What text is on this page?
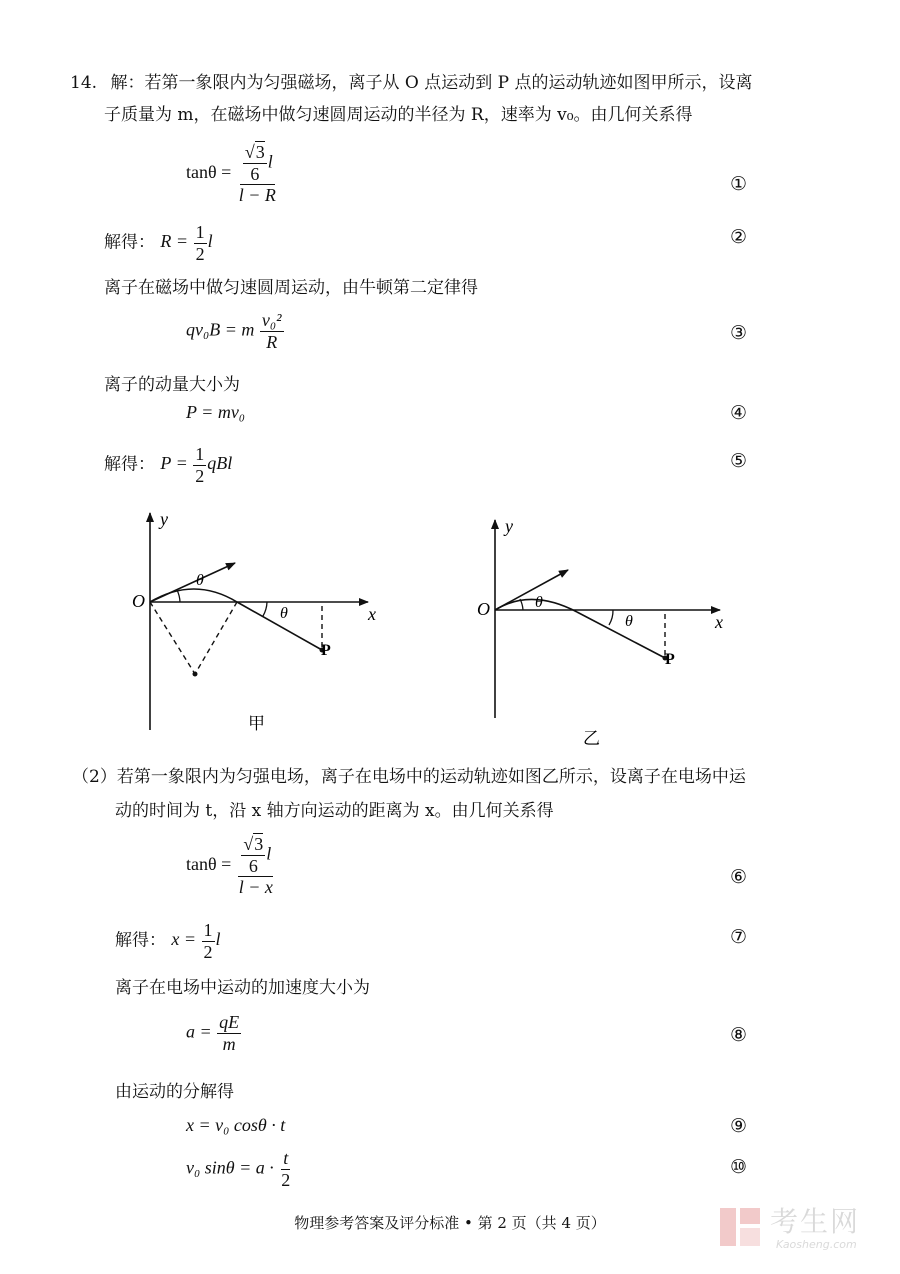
14. 解：若第一象限内为匀强磁场，离子从 O 点运动到 P 点的运动轨迹如图甲所示，设离
子质量为 m，在磁场中做匀速圆周运动的半径为 R，速率为 v₀。由几何关系得
$\tan\theta = \frac{\frac{√3}{6} l}{l - R}$	①
解得： $R = \frac{1}{2}$ l	②
离子在磁场中做匀速圆周运动，由牛顿第二定律得
qv₀B = m $\frac{\text{v₀²}}{R}$	③
离子的动量大小为
P = mv₀	④
解得： $P = \frac{1}{2}$ qBl	⑤
y
x
O
θ
θ
P
甲
y
x
O	θ
θ
P
乙
（2）若第一象限内为匀强电场，离子在电场中的运动轨迹如图乙所示，设离子在电场中运
动的时间为 t，沿 x 轴方向运动的距离为 x。由几何关系得
$\tan\theta = \frac{\frac{√3}{6} l}{l - x}$	⑥
解得： $x = \frac{1}{2}$ l	⑦
离子在电场中运动的加速度大小为
$a = \frac{qE}{m}$	⑧
由运动的分解得
x = v₀ cosθ · t	⑨
v₀ $\sin\theta = a \cdot \frac{t}{2}$	⑩
物理参考答案及评分标准 • 第 2 页（共 4 页）	考生网
Kaosheng.com
